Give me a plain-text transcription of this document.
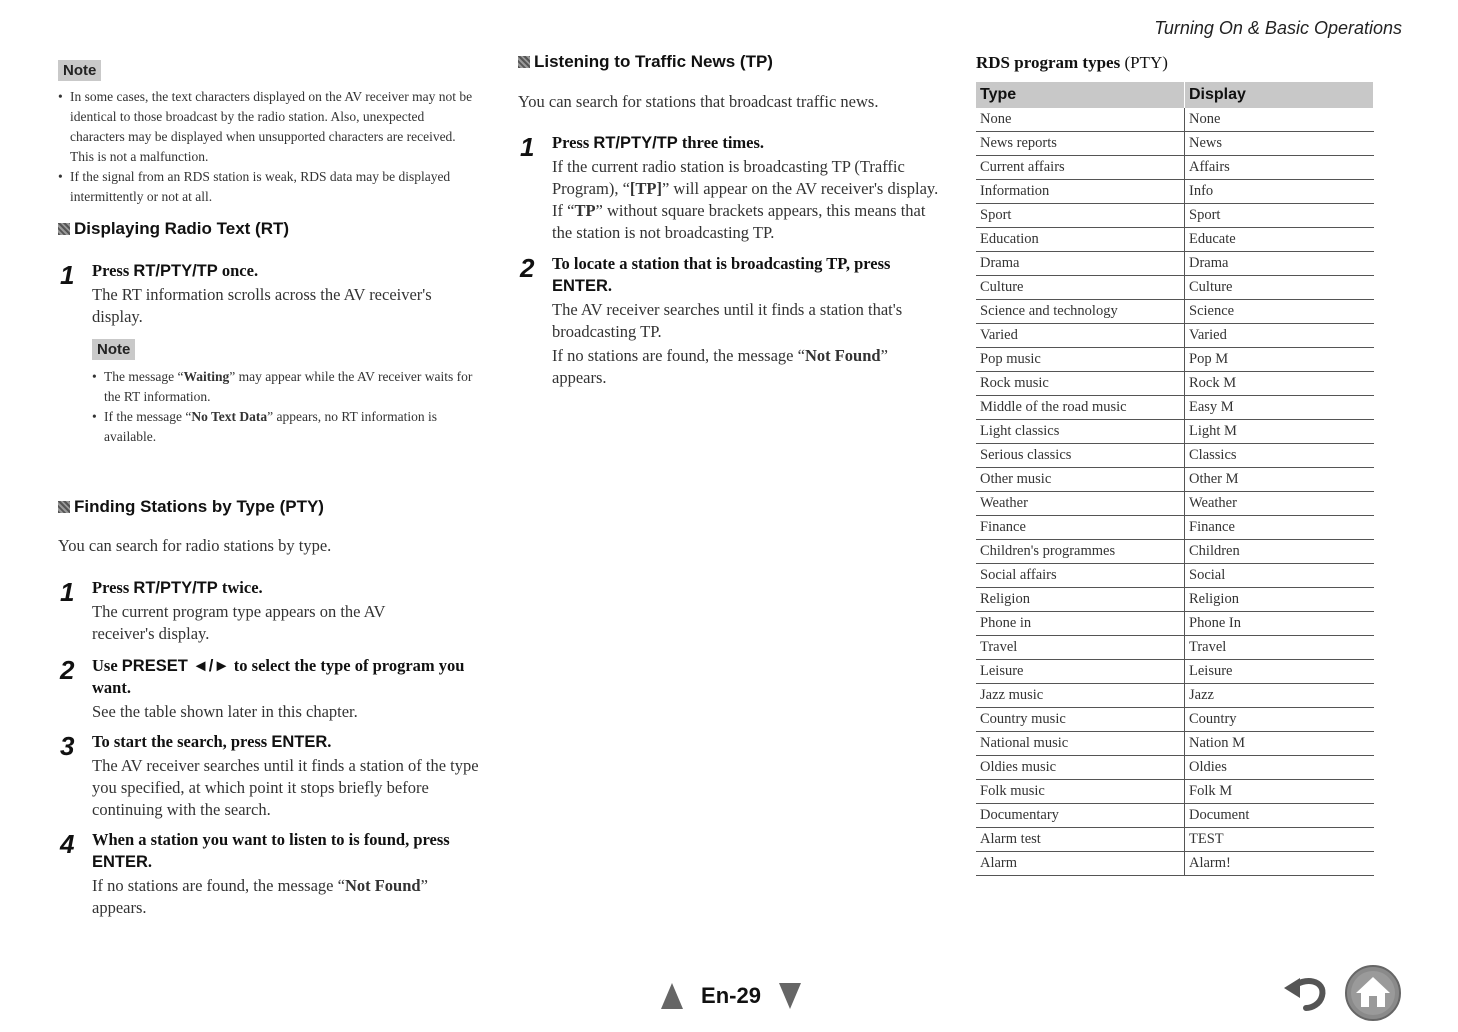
Turning On & Basic Operations
Note
• In some cases, the text characters displayed on the AV receiver may not be identical to those broadcast by the radio station. Also, unexpected characters may be displayed when unsupported characters are received. This is not a malfunction.
• If the signal from an RDS station is weak, RDS data may be displayed intermittently or not at all.
Displaying Radio Text (RT)
1 Press RT/PTY/TP once.
The RT information scrolls across the AV receiver's display.
Note
• The message “Waiting” may appear while the AV receiver waits for the RT information.
• If the message “No Text Data” appears, no RT information is available.
Finding Stations by Type (PTY)
You can search for radio stations by type.
1 Press RT/PTY/TP twice.
The current program type appears on the AV receiver's display.
2 Use PRESET ◄/► to select the type of program you want.
See the table shown later in this chapter.
3 To start the search, press ENTER.
The AV receiver searches until it finds a station of the type you specified, at which point it stops briefly before continuing with the search.
4 When a station you want to listen to is found, press ENTER.
If no stations are found, the message “Not Found” appears.
Listening to Traffic News (TP)
You can search for stations that broadcast traffic news.
1 Press RT/PTY/TP three times.
If the current radio station is broadcasting TP (Traffic Program), “[TP]” will appear on the AV receiver's display. If “TP” without square brackets appears, this means that the station is not broadcasting TP.
2 To locate a station that is broadcasting TP, press ENTER.
The AV receiver searches until it finds a station that's broadcasting TP.
If no stations are found, the message “Not Found” appears.
RDS program types (PTY)
Type	Display
None	None
News reports	News
Current affairs	Affairs
Information	Info
Sport	Sport
Education	Educate
Drama	Drama
Culture	Culture
Science and technology	Science
Varied	Varied
Pop music	Pop M
Rock music	Rock M
Middle of the road music	Easy M
Light classics	Light M
Serious classics	Classics
Other music	Other M
Weather	Weather
Finance	Finance
Children's programmes	Children
Social affairs	Social
Religion	Religion
Phone in	Phone In
Travel	Travel
Leisure	Leisure
Jazz music	Jazz
Country music	Country
National music	Nation M
Oldies music	Oldies
Folk music	Folk M
Documentary	Document
Alarm test	TEST
Alarm	Alarm!
En-29
